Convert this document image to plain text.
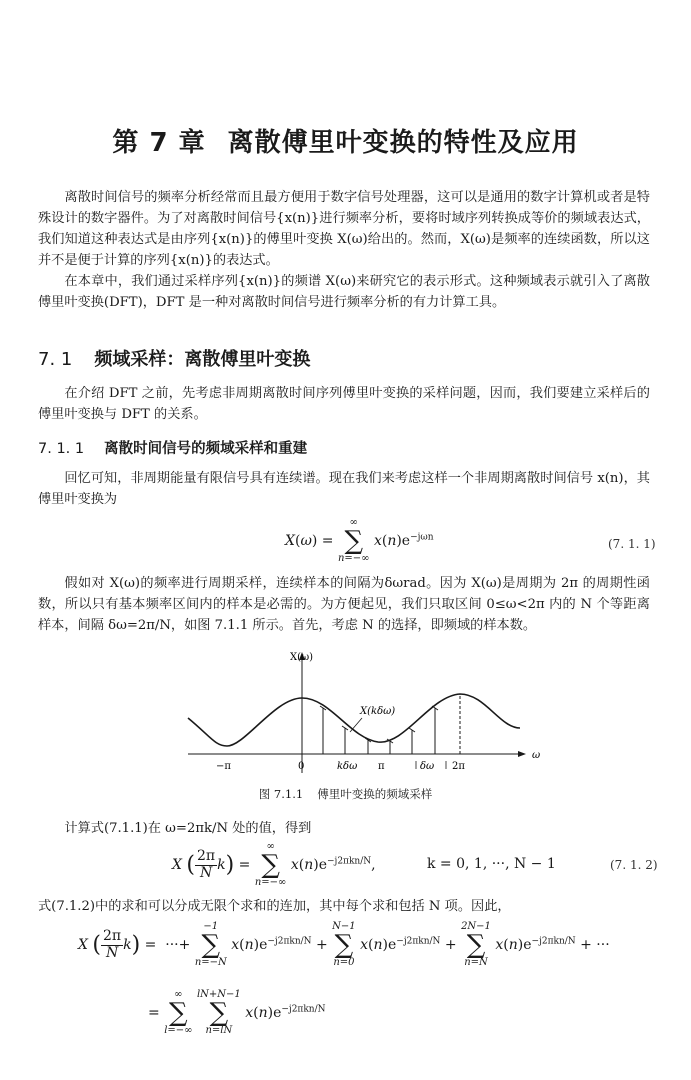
第 7 章 离散傅里叶变换的特性及应用

离散时间信号的频率分析经常而且最方便用于数字信号处理器，这可以是通用的数字计算机或者是特殊设计的数字器件。为了对离散时间信号{x(n)}进行频率分析，要将时域序列转换成等价的频域表达式，我们知道这种表达式是由序列{x(n)}的傅里叶变换 X(ω)给出的。然而，X(ω)是频率的连续函数，所以这并不是便于计算的序列{x(n)}的表达式。

在本章中，我们通过采样序列{x(n)}的频谱 X(ω)来研究它的表示形式。这种频域表示就引入了离散傅里叶变换(DFT)，DFT 是一种对离散时间信号进行频率分析的有力计算工具。

7. 1 频域采样：离散傅里叶变换

在介绍 DFT 之前，先考虑非周期离散时间序列傅里叶变换的采样问题，因而，我们要建立采样后的傅里叶变换与 DFT 的关系。

7. 1. 1 离散时间信号的频域采样和重建

回忆可知，非周期能量有限信号具有连续谱。现在我们来考虑这样一个非周期离散时间信号 x(n)，其傅里叶变换为

X(ω) =
∞
∑
n=−∞
$x(n)e^{-j\omega n}$	(7. 1. 1)

假如对 X(ω)的频率进行周期采样，连续样本的间隔为δωrad。因为 X(ω)是周期为 2π 的周期性函数，所以只有基本频率区间内的样本是必需的。为方便起见，我们只取区间 0≤ω<2π 内的 N 个等距离样本，间隔 δω=2π/N，如图 7.1.1 所示。首先，考虑 N 的选择，即频域的样本数。

X(ω)
X(kδω)
ω
−π	0	kδω π	δω 2π
图 7.1.1 傅里叶变换的频域采样

计算式(7.1.1)在 ω=2πk/N 处的值，得到

X ( $\frac{2\pi}{N} k$) =
∞
∑
n=−∞
$x(n)e^{-j2\pi kn/N}$,	k = 0, 1, ···, N − 1	(7. 1. 2)

式(7.1.2)中的求和可以分成无限个求和的连加，其中每个求和包括 N 项。因此，

X ( $\frac{2\pi}{N} k$) =  ···+
−1
∑
n=−N
$x(n)e^{-j2\pi kn/N}$ +
N−1
∑
n=0
$x(n)e^{-j2\pi kn/N}$ +
2N−1
∑
n=N
$x(n)e^{-j2\pi kn/N}$ + ···
=
∞
∑
l=−∞

lN+N−1
∑
n=lN
$x(n)e^{-j2\pi kn/N}$
